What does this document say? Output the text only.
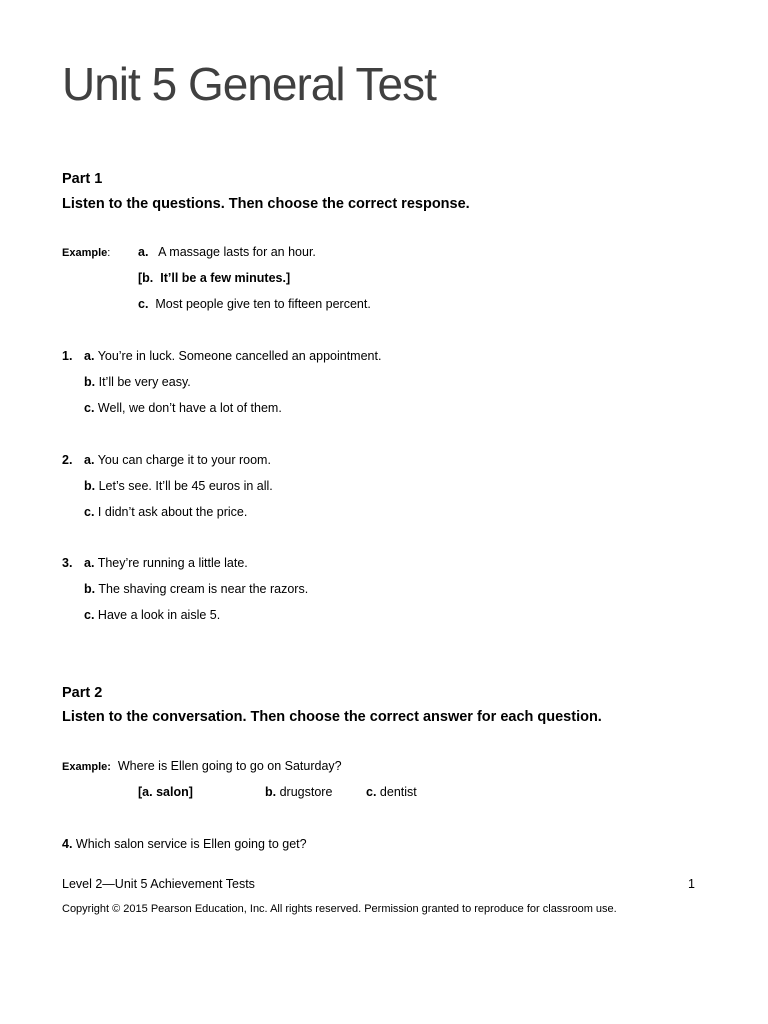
Unit 5 General Test
Part 1
Listen to the questions. Then choose the correct response.
Example: a. A massage lasts for an hour.
[b. It’ll be a few minutes.]
c. Most people give ten to fifteen percent.
1. a. You’re in luck. Someone cancelled an appointment.
b. It’ll be very easy.
c. Well, we don’t have a lot of them.
2. a. You can charge it to your room.
b. Let’s see. It’ll be 45 euros in all.
c. I didn’t ask about the price.
3. a. They’re running a little late.
b. The shaving cream is near the razors.
c. Have a look in aisle 5.
Part 2
Listen to the conversation. Then choose the correct answer for each question.
Example: Where is Ellen going to go on Saturday?
[a. salon]	b. drugstore	c. dentist
4. Which salon service is Ellen going to get?
Level 2—Unit 5 Achievement Tests	1
Copyright © 2015 Pearson Education, Inc. All rights reserved. Permission granted to reproduce for classroom use.
